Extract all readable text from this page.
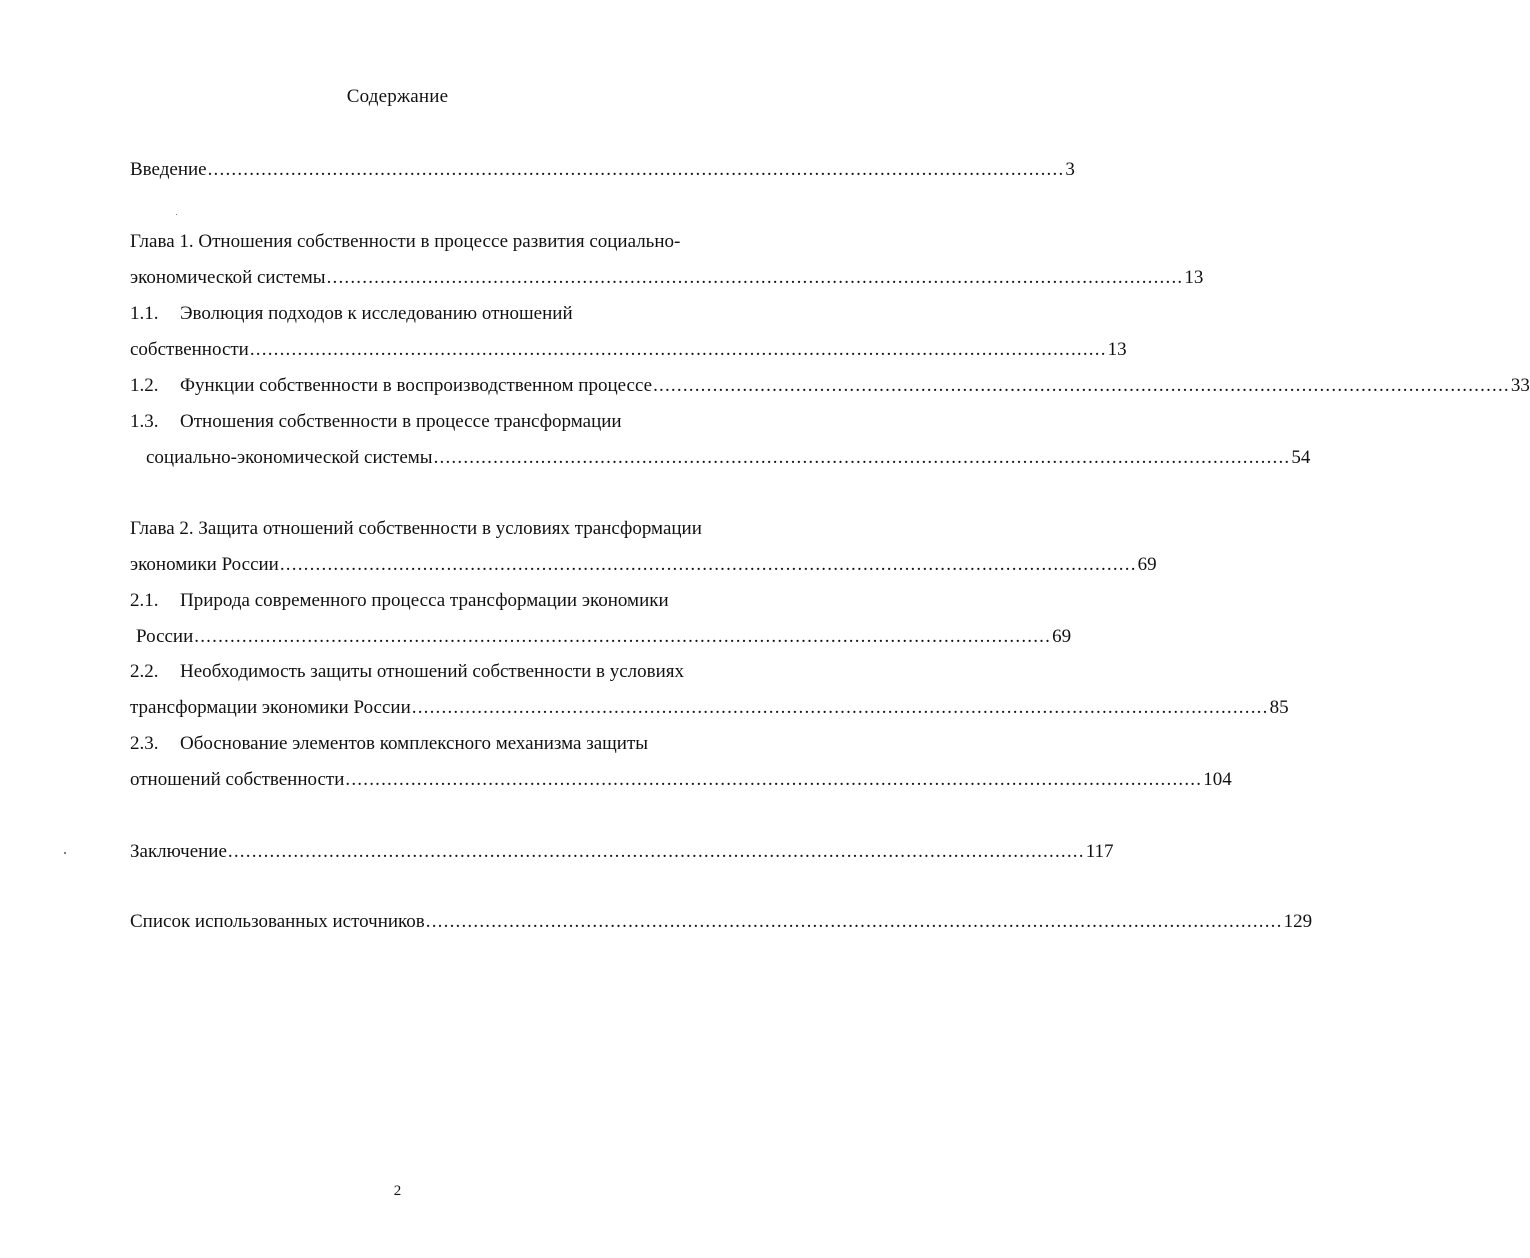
Содержание
Введение ................................................................................................................................................ 3
Глава 1. Отношения собственности в процессе развития социально-
экономической системы ................................................................................................................................................ 13
1.1. Эволюция подходов к исследованию отношений
собственности ................................................................................................................................................ 13
1.2. Функции собственности в воспроизводственном процессе ................................................................................................................................................ 33
1.3. Отношения собственности в процессе трансформации
социально-экономической системы ................................................................................................................................................ 54
Глава 2. Защита отношений собственности в условиях трансформации
экономики России ................................................................................................................................................ 69
2.1. Природа современного процесса трансформации экономики
России ................................................................................................................................................ 69
2.2. Необходимость защиты отношений собственности в условиях
трансформации экономики России ................................................................................................................................................ 85
2.3. Обоснование элементов комплексного механизма защиты
отношений собственности ................................................................................................................................................ 104
Заключение ................................................................................................................................................ 117
Список использованных источников ................................................................................................................................................ 129
2
